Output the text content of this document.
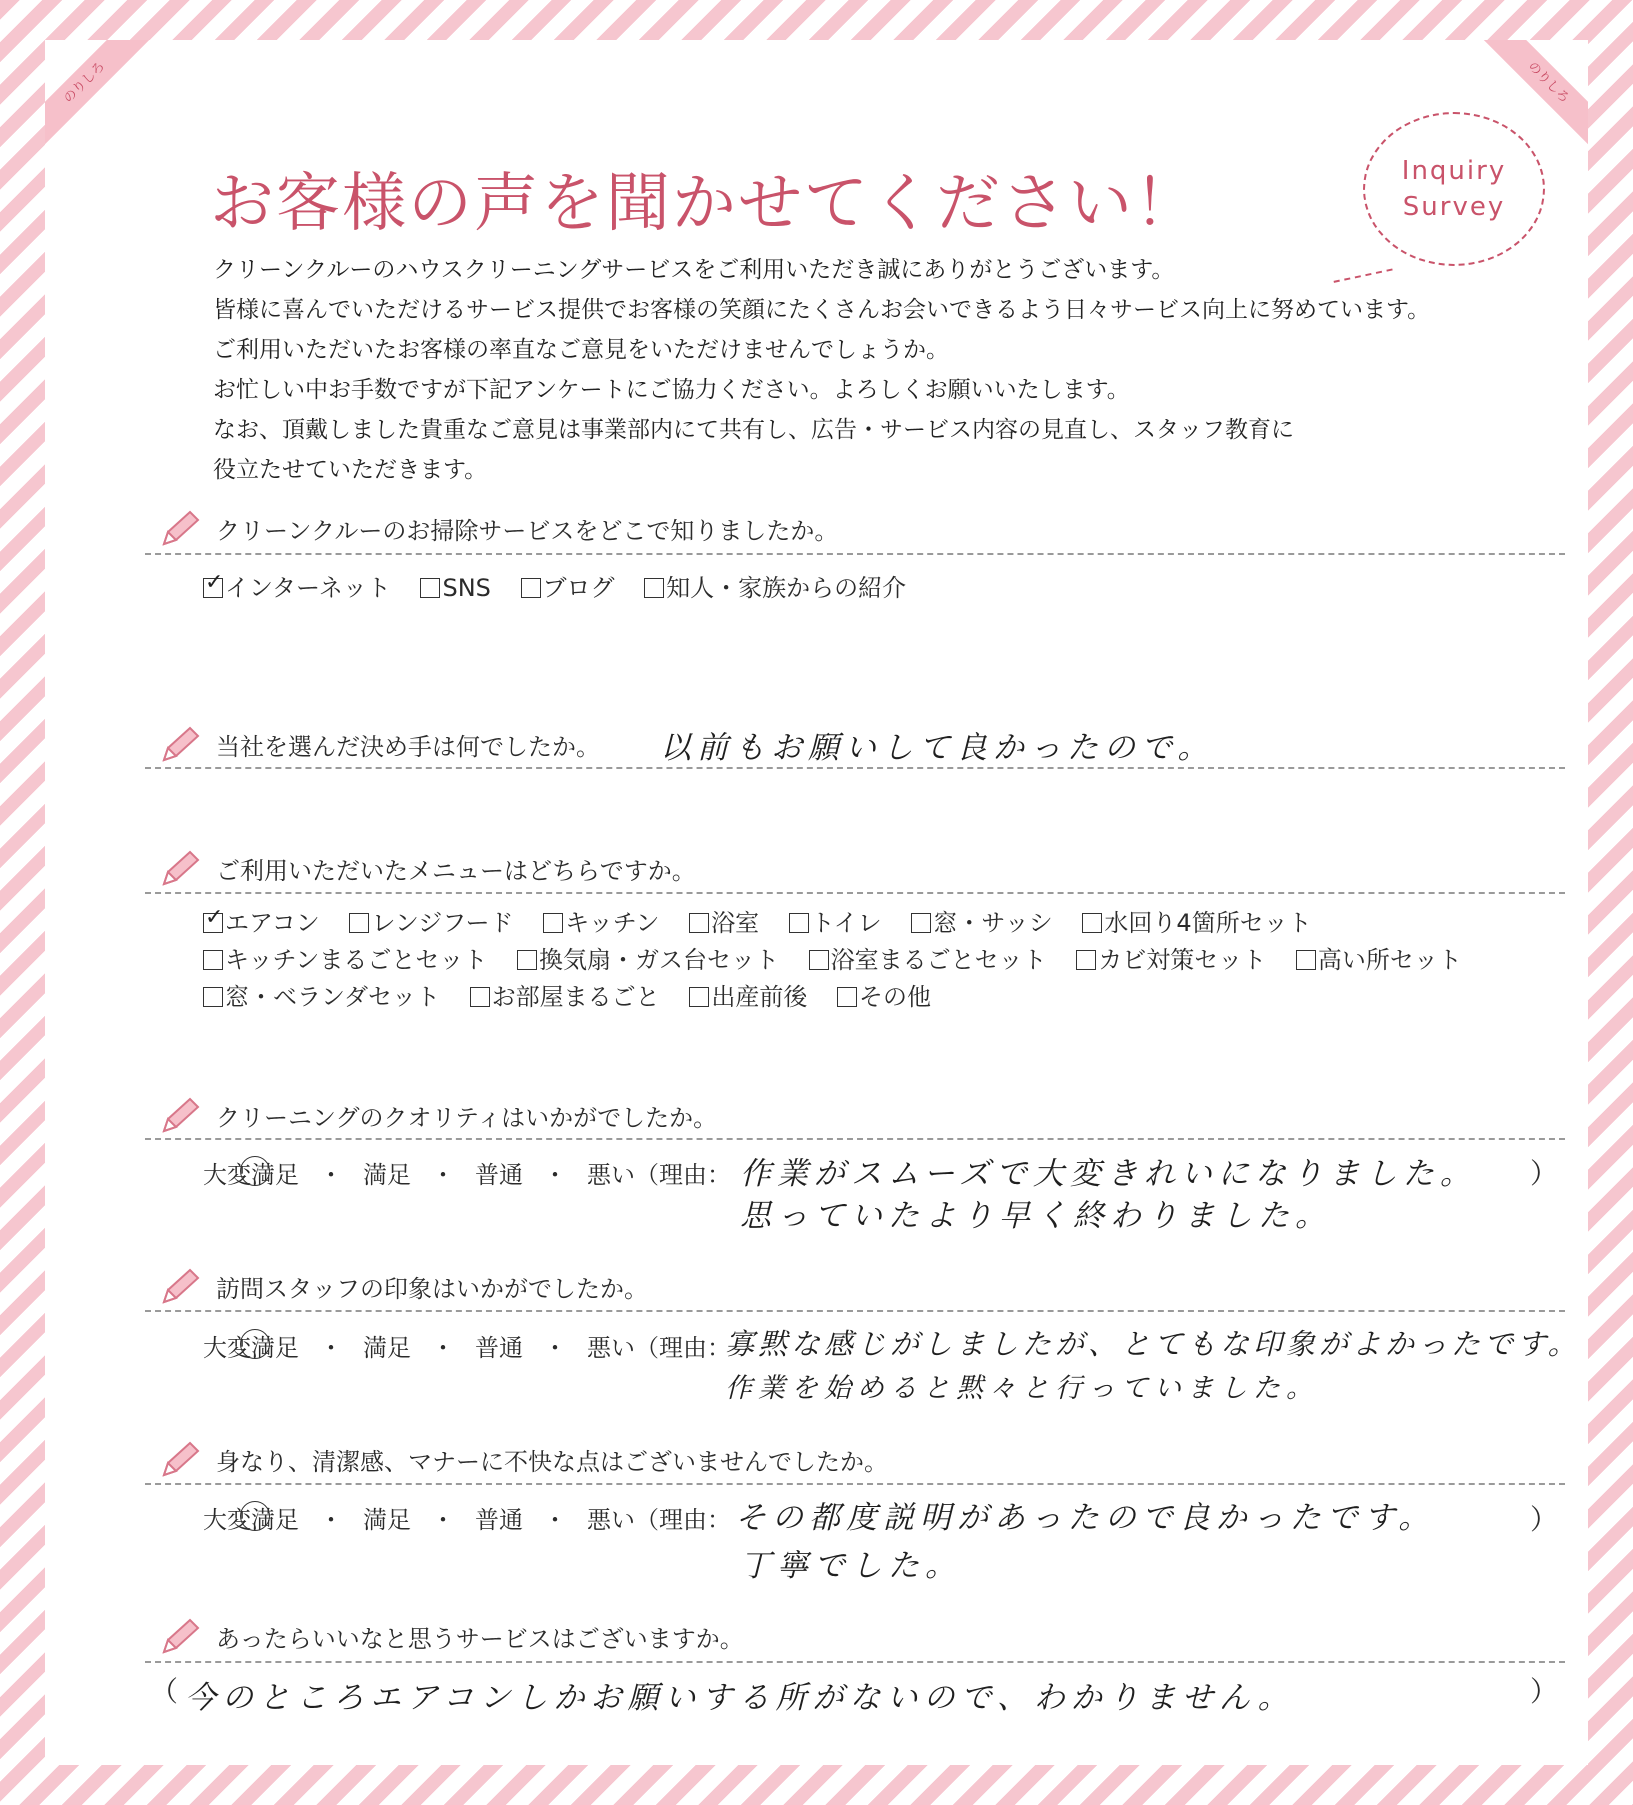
のりしろ	のりしろ
お客様の声を聞かせてください！	Inquiry
Survey

クリーンクルーのハウスクリーニングサービスをご利用いただき誠にありがとうございます。

皆様に喜んでいただけるサービス提供でお客様の笑顔にたくさんお会いできるよう日々サービス向上に努めています。

ご利用いただいたお客様の率直なご意見をいただけませんでしょうか。

お忙しい中お手数ですが下記アンケートにご協力ください。よろしくお願いいたします。

なお、頂戴しました貴重なご意見は事業部内にて共有し、広告・サービス内容の見直し、スタッフ教育に

役立たせていただきます。

クリーンクルーのお掃除サービスをどこで知りましたか。
✓インターネット SNS ブログ 知人・家族からの紹介
当社を選んだ決め手は何でしたか。 以前もお願いして良かったので。
ご利用いただいたメニューはどちらですか。
✓エアコン レンジフード キッチン 浴室 トイレ 窓・サッシ 水回り4箇所セット
キッチンまるごとセット 換気扇・ガス台セット 浴室まるごとセット カビ対策セット 高い所セット
窓・ベランダセット お部屋まるごと 出産前後 その他
クリーニングのクオリティはいかがでしたか。
大変満足 ・ 満足 ・ 普通 ・ 悪い（理由： 作業がスムーズで大変きれいになりました。
思っていたより早く終わりました。
）
訪問スタッフの印象はいかがでしたか。
大変満足 ・ 満足 ・ 普通 ・ 悪い（理由：
寡黙な感じがしましたが、とてもな印象がよかったです。
作業を始めると黙々と行っていました。
身なり、清潔感、マナーに不快な点はございませんでしたか。
大変満足 ・ 満足 ・ 普通 ・ 悪い（理由： その都度説明があったので良かったです。
丁寧でした。
）
あったらいいなと思うサービスはございますか。
（ 今のところエアコンしかお願いする所がないので、わかりません。	）
